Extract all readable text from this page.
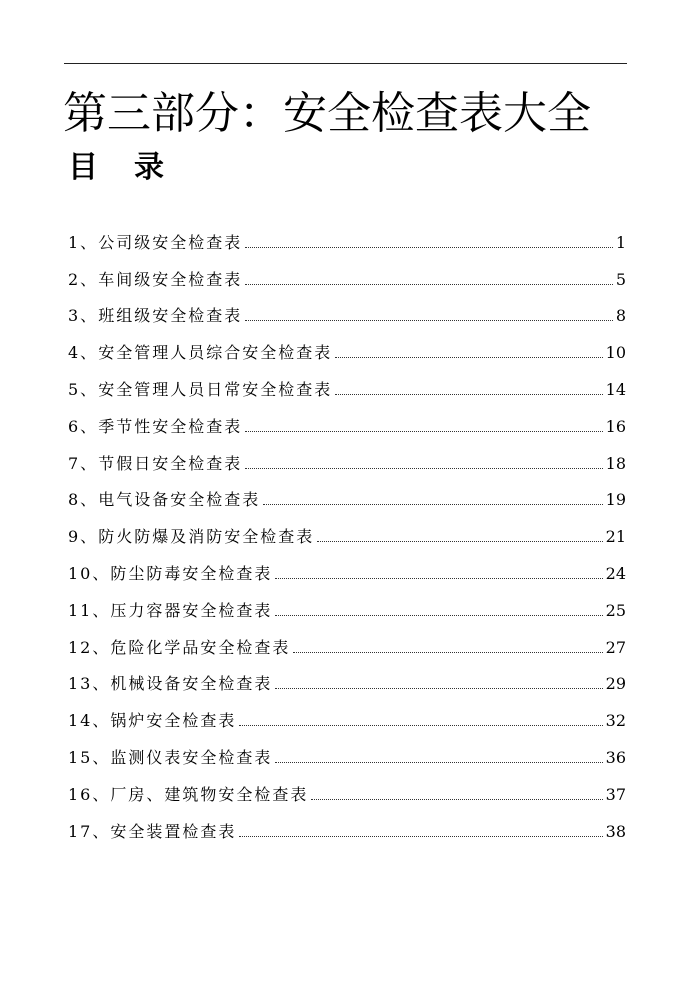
第三部分：安全检查表大全
目 录
1、 公司级安全检查表	1
2、 车间级安全检查表	5
3、 班组级安全检查表	8
4、 安全管理人员综合安全检查表	10
5、 安全管理人员日常安全检查表	14
6、 季节性安全检查表	16
7、 节假日安全检查表	18
8、 电气设备安全检查表	19
9、 防火防爆及消防安全检查表	21
10、 防尘防毒安全检查表	24
11、 压力容器安全检查表	25
12、 危险化学品安全检查表	27
13、 机械设备安全检查表	29
14、 锅炉安全检查表	32
15、 监测仪表安全检查表	36
16、 厂房、建筑物安全检查表	37
17、 安全装置检查表	38
